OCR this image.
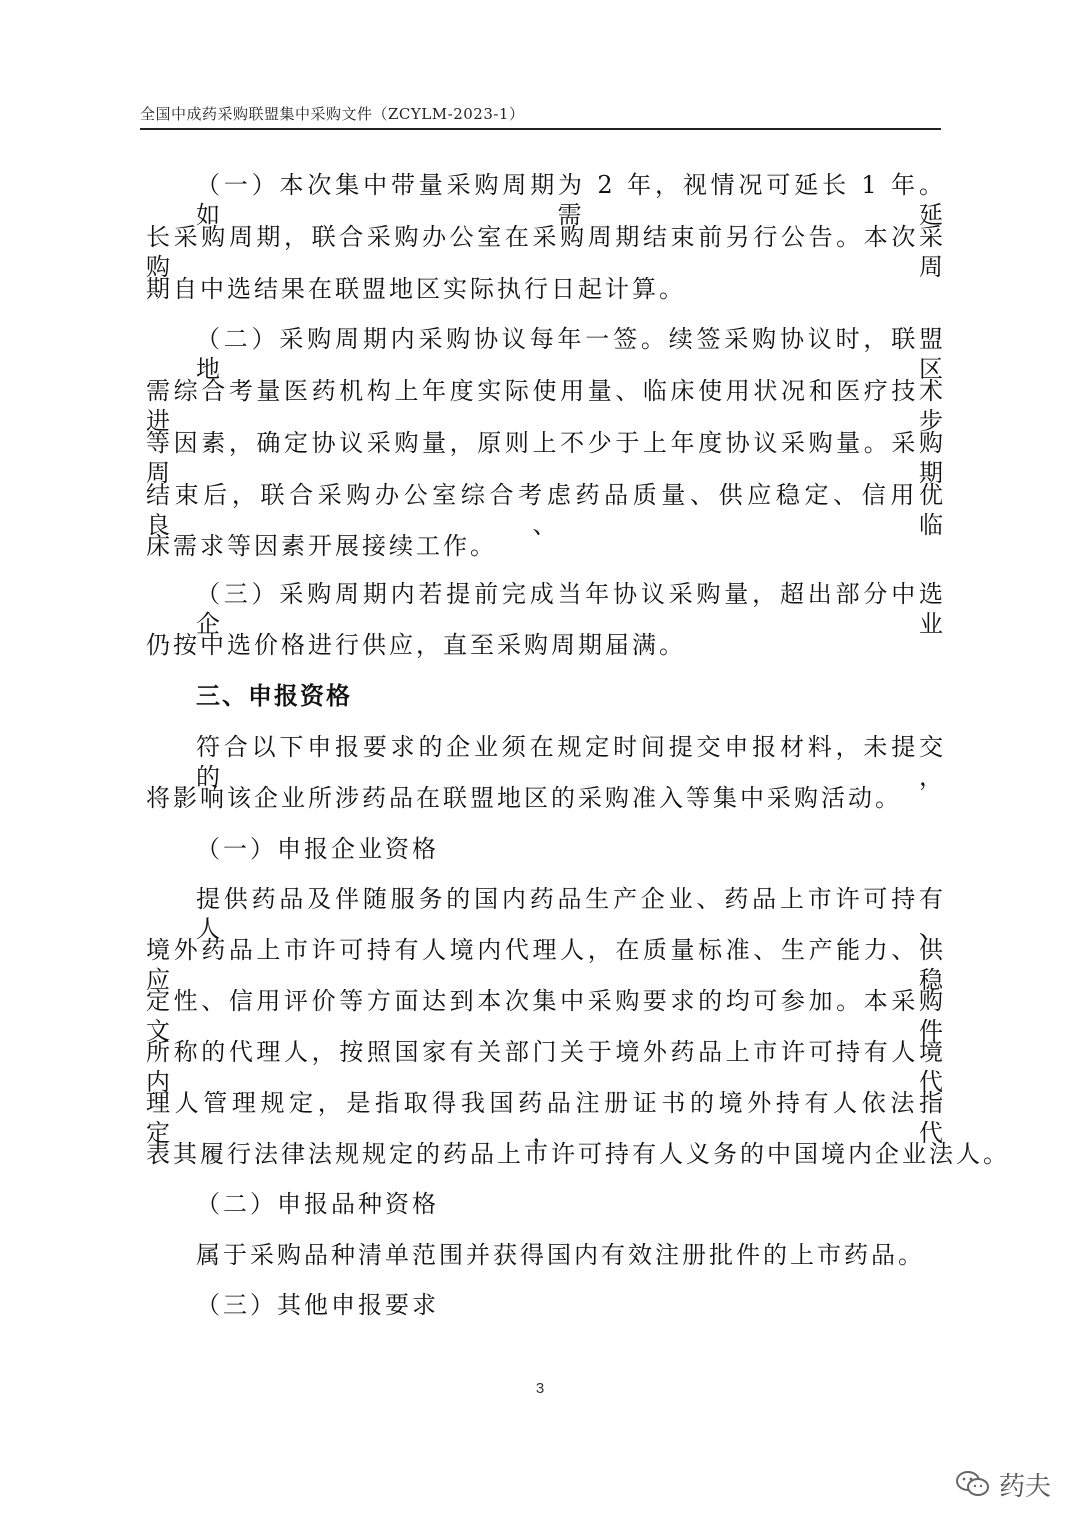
全国中成药采购联盟集中采购文件（ZCYLM-2023-1）
（一）本次集中带量采购周期为 2 年，视情况可延长 1 年。如需延
长采购周期，联合采购办公室在采购周期结束前另行公告。本次采购周
期自中选结果在联盟地区实际执行日起计算。
（二）采购周期内采购协议每年一签。续签采购协议时，联盟地区
需综合考量医药机构上年度实际使用量、临床使用状况和医疗技术进步
等因素，确定协议采购量，原则上不少于上年度协议采购量。采购周期
结束后，联合采购办公室综合考虑药品质量、供应稳定、信用优良、临
床需求等因素开展接续工作。
（三）采购周期内若提前完成当年协议采购量，超出部分中选企业
仍按中选价格进行供应，直至采购周期届满。
三、申报资格
符合以下申报要求的企业须在规定时间提交申报材料，未提交的，
将影响该企业所涉药品在联盟地区的采购准入等集中采购活动。
（一）申报企业资格
提供药品及伴随服务的国内药品生产企业、药品上市许可持有人、
境外药品上市许可持有人境内代理人，在质量标准、生产能力、供应稳
定性、信用评价等方面达到本次集中采购要求的均可参加。本采购文件
所称的代理人，按照国家有关部门关于境外药品上市许可持有人境内代
理人管理规定，是指取得我国药品注册证书的境外持有人依法指定，代
表其履行法律法规规定的药品上市许可持有人义务的中国境内企业法人。
（二）申报品种资格
属于采购品种清单范围并获得国内有效注册批件的上市药品。
（三）其他申报要求
3
药夫
